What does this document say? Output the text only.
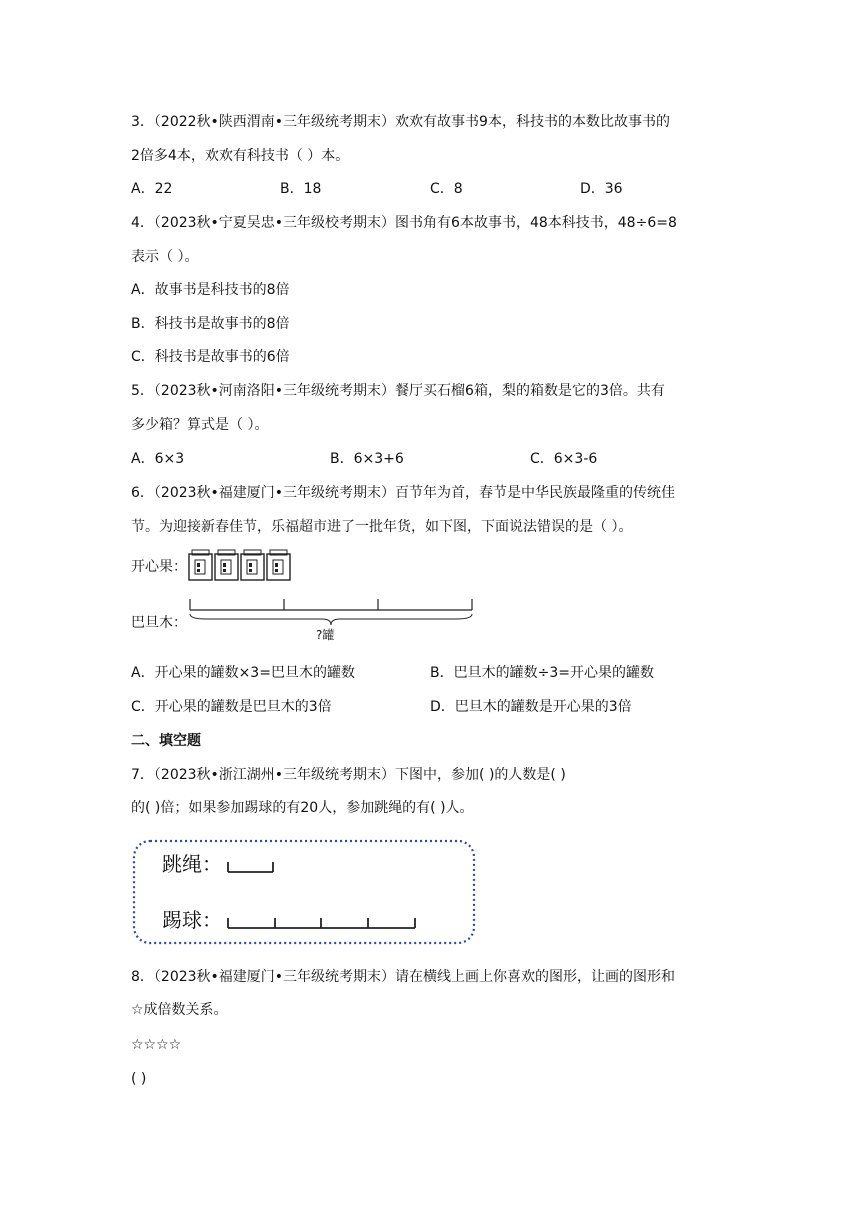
3．（2022秋•陕西渭南•三年级统考期末）欢欢有故事书9本，科技书的本数比故事书的
2倍多4本，欢欢有科技书（ ）本。
A．22	B．18	C．8	D．36
4．（2023秋•宁夏吴忠•三年级校考期末）图书角有6本故事书，48本科技书，48÷6=8
表示（ ）。
A．故事书是科技书的8倍
B．科技书是故事书的8倍
C．科技书是故事书的6倍
5．（2023秋•河南洛阳•三年级统考期末）餐厅买石榴6箱，梨的箱数是它的3倍。共有
多少箱？算式是（ ）。
A．6×3	B．6×3+6	C．6×3-6
6．（2023秋•福建厦门•三年级统考期末）百节年为首，春节是中华民族最隆重的传统佳
节。为迎接新春佳节，乐福超市进了一批年货，如下图，下面说法错误的是（ ）。
开心果：
巴旦木：
?罐
A．开心果的罐数×3=巴旦木的罐数	B．巴旦木的罐数÷3=开心果的罐数
C．开心果的罐数是巴旦木的3倍	D．巴旦木的罐数是开心果的3倍
二、填空题
7．（2023秋•浙江湖州•三年级统考期末）下图中，参加( )的人数是( )
的( )倍；如果参加踢球的有20人，参加跳绳的有( )人。
跳绳：
踢球：
8．（2023秋•福建厦门•三年级统考期末）请在横线上画上你喜欢的图形，让画的图形和
☆成倍数关系。
☆☆☆☆
( )
